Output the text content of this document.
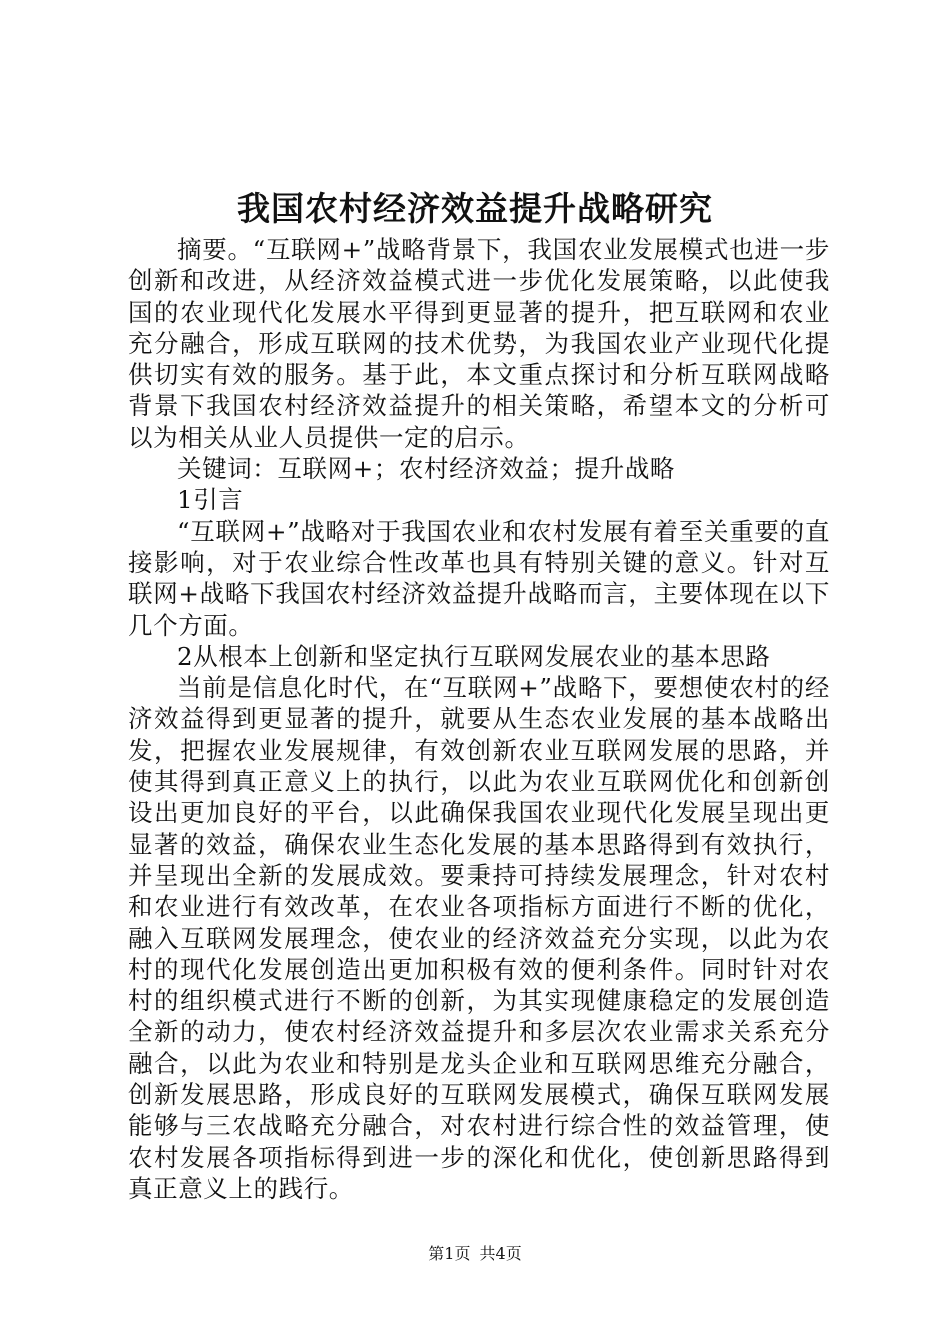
我国农村经济效益提升战略研究

摘要。“互联网+”战略背景下，我国农业发展模式也进一步创新和改进，从经济效益模式进一步优化发展策略，以此使我国的农业现代化发展水平得到更显著的提升，把互联网和农业充分融合，形成互联网的技术优势，为我国农业产业现代化提供切实有效的服务。基于此，本文重点探讨和分析互联网战略背景下我国农村经济效益提升的相关策略，希望本文的分析可以为相关从业人员提供一定的启示。

关键词：互联网+；农村经济效益；提升战略

1引言

“互联网+”战略对于我国农业和农村发展有着至关重要的直接影响，对于农业综合性改革也具有特别关键的意义。针对互联网+战略下我国农村经济效益提升战略而言，主要体现在以下几个方面。

2从根本上创新和坚定执行互联网发展农业的基本思路

当前是信息化时代，在“互联网+”战略下，要想使农村的经济效益得到更显著的提升，就要从生态农业发展的基本战略出发，把握农业发展规律，有效创新农业互联网发展的思路，并使其得到真正意义上的执行，以此为农业互联网优化和创新创设出更加良好的平台，以此确保我国农业现代化发展呈现出更显著的效益，确保农业生态化发展的基本思路得到有效执行，并呈现出全新的发展成效。要秉持可持续发展理念，针对农村和农业进行有效改革，在农业各项指标方面进行不断的优化，融入互联网发展理念，使农业的经济效益充分实现，以此为农村的现代化发展创造出更加积极有效的便利条件。同时针对农村的组织模式进行不断的创新，为其实现健康稳定的发展创造全新的动力，使农村经济效益提升和多层次农业需求关系充分融合，以此为农业和特别是龙头企业和互联网思维充分融合，创新发展思路，形成良好的互联网发展模式，确保互联网发展能够与三农战略充分融合，对农村进行综合性的效益管理，使农村发展各项指标得到进一步的深化和优化，使创新思路得到真正意义上的践行。

第1页 共4页
